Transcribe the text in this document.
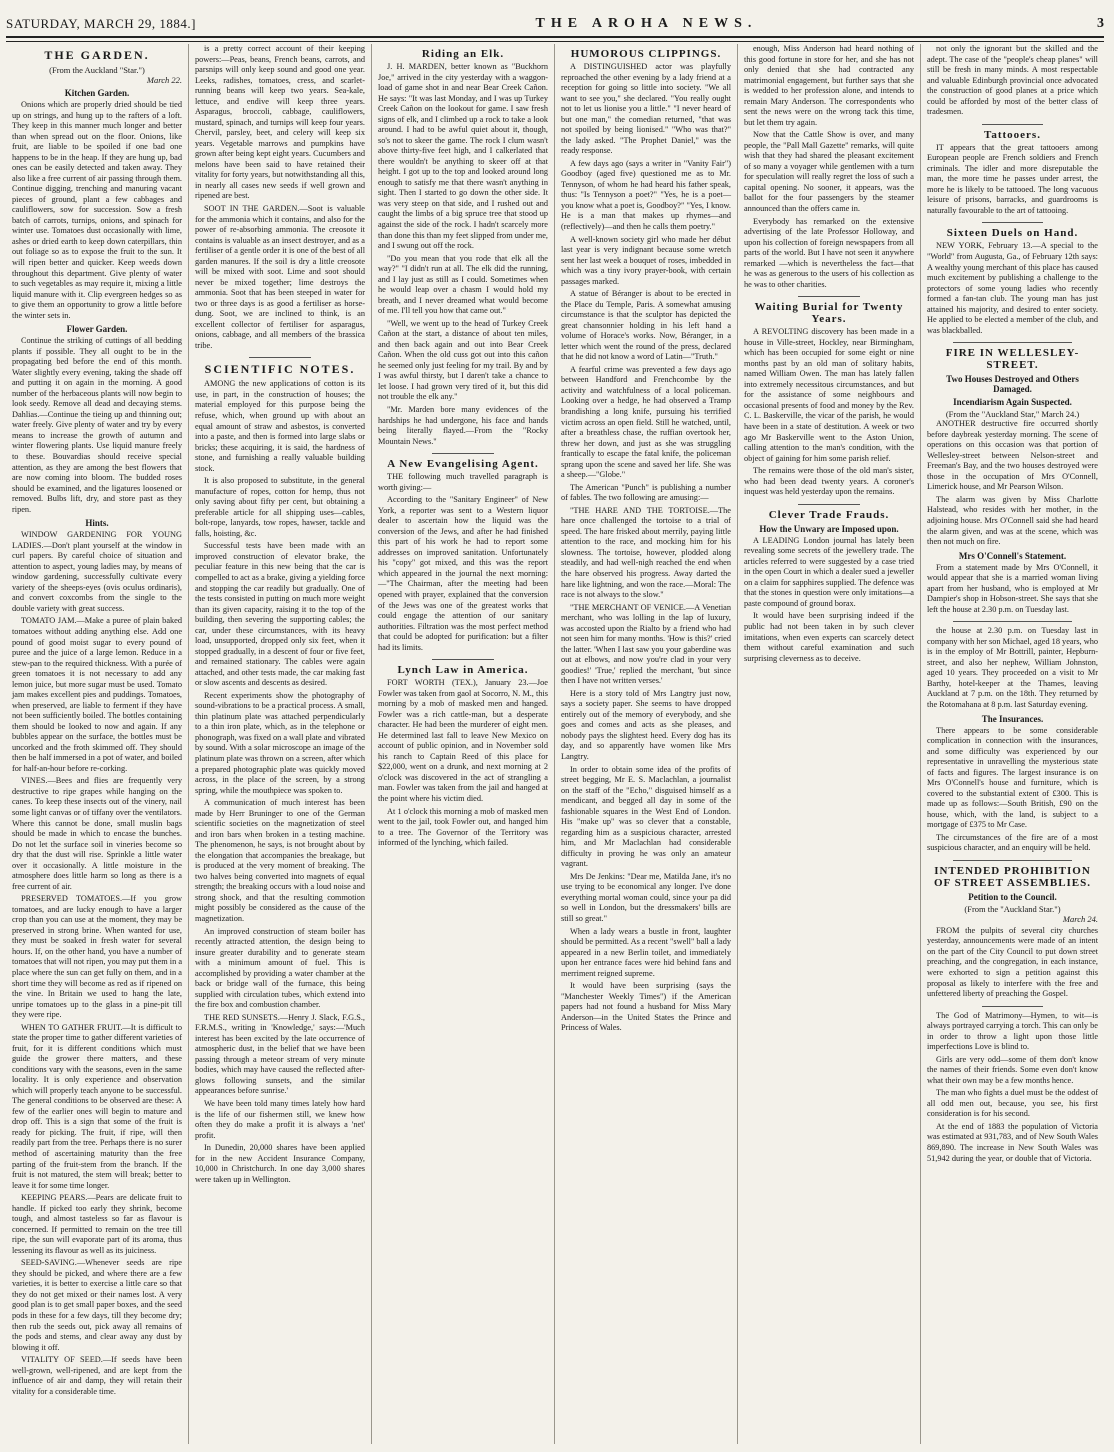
SATURDAY, MARCH 29, 1884.]	THE AROHA NEWS.	3
THE GARDEN.
(From the Auckland "Star.")
March 22.
Kitchen Garden.

Onions which are properly dried should be tied up on strings, and hung up to the rafters of a loft. They keep in this manner much longer and better than when spread out on the floor. Onions, like fruit, are liable to be spoiled if one bad one happens to be in the heap. If they are hung up, bad ones can be easily detected and taken away. They also like a free current of air passing through them. Continue digging, trenching and manuring vacant pieces of ground, plant a few cabbages and cauliflowers, sow for succession. Sow a fresh batch of carrots, turnips, onions, and spinach for winter use. Tomatoes dust occasionally with lime, ashes or dried earth to keep down caterpillars, thin out foliage so as to expose the fruit to the sun. It will ripen better and quicker. Keep weeds down throughout this department. Give plenty of water to such vegetables as may require it, mixing a little liquid manure with it. Clip evergreen hedges so as to give them an opportunity to grow a little before the winter sets in.

Flower Garden.

Continue the striking of cuttings of all bedding plants if possible. They all ought to be in the propagating bed before the end of this month. Water slightly every evening, taking the shade off and putting it on again in the morning. A good number of the herbaceous plants will now begin to look seedy. Remove all dead and decaying stems. Dahlias.—Continue the tieing up and thinning out; water freely. Give plenty of water and try by every means to increase the growth of autumn and winter flowering plants. Use liquid manure freely to these. Bouvardias should receive special attention, as they are among the best flowers that are now coming into bloom. The budded roses should be examined, and the ligatures loosened or removed. Bulbs lift, dry, and store past as they ripen.

Hints.

WINDOW GARDENING FOR YOUNG LADIES.—Don't plant yourself at the window in curl papers. By careful choice of situation and attention to aspect, young ladies may, by means of window gardening, successfully cultivate every variety of the sheeps-eyes (ovis oculus ordinaris), and convert coxcombs from the single to the double variety with great success.

TOMATO JAM.—Make a puree of plain baked tomatoes without adding anything else. Add one pound of good moist sugar to every pound of puree and the juice of a large lemon. Reduce in a stew-pan to the required thickness. With a purée of green tomatoes it is not necessary to add any lemon juice, but more sugar must be used. Tomato jam makes excellent pies and puddings. Tomatoes, when preserved, are liable to ferment if they have not been sufficiently boiled. The bottles containing them should be looked to now and again. If any bubbles appear on the surface, the bottles must be uncorked and the froth skimmed off. They should then be half immersed in a pot of water, and boiled for half-an-hour before re-corking.

VINES.—Bees and flies are frequently very destructive to ripe grapes while hanging on the canes. To keep these insects out of the vinery, nail some light canvas or of tiffany over the ventilators. Where this cannot be done, small muslin bags should be made in which to encase the bunches. Do not let the surface soil in vineries become so dry that the dust will rise. Sprinkle a little water over it occasionally. A little moisture in the atmosphere does little harm so long as there is a free current of air.

PRESERVED TOMATOES.—If you grow tomatoes, and are lucky enough to have a larger crop than you can use at the moment, they may be preserved in strong brine. When wanted for use, they must be soaked in fresh water for several hours. If, on the other hand, you have a number of tomatoes that will not ripen, you may put them in a place where the sun can get fully on them, and in a short time they will become as red as if ripened on the vine. In Britain we used to hang the late, unripe tomatoes up to the glass in a pine-pit till they were ripe.

WHEN TO GATHER FRUIT.—It is difficult to state the proper time to gather different varieties of fruit, for it is different conditions which must guide the grower there matters, and these conditions vary with the seasons, even in the same locality. It is only experience and observation which will properly teach anyone to be successful. The general conditions to be observed are these: A few of the earlier ones will begin to mature and drop off. This is a sign that some of the fruit is ready for picking. The fruit, if ripe, will then readily part from the tree. Perhaps there is no surer method of ascertaining maturity than the free parting of the fruit-stem from the branch. If the fruit is not matured, the stem will break; better to leave it for some time longer.

KEEPING PEARS.—Pears are delicate fruit to handle. If picked too early they shrink, become tough, and almost tasteless so far as flavour is concerned. If permitted to remain on the tree till ripe, the sun will evaporate part of its aroma, thus lessening its flavour as well as its juiciness.

SEED-SAVING.—Whenever seeds are ripe they should be picked, and where there are a few varieties, it is better to exercise a little care so that they do not get mixed or their names lost. A very good plan is to get small paper boxes, and the seed pods in these for a few days, till they become dry; then rub the seeds out, pick away all remains of the pods and stems, and clear away any dust by blowing it off.

VITALITY OF SEED.—If seeds have been well-grown, well-ripened, and are kept from the influence of air and damp, they will retain their vitality for a considerable time.

is a pretty correct account of their keeping powers:—Peas, beans, French beans, carrots, and parsnips will only keep sound and good one year. Leeks, radishes, tomatoes, cress, and scarlet-running beans will keep two years. Sea-kale, lettuce, and endive will keep three years. Asparagus, broccoli, cabbage, cauliflowers, mustard, spinach, and turnips will keep four years. Chervil, parsley, beet, and celery will keep six years. Vegetable marrows and pumpkins have grown after being kept eight years. Cucumbers and melons have been said to have retained their vitality for forty years, but notwithstanding all this, in nearly all cases new seeds if well grown and ripened are best.

SOOT IN THE GARDEN.—Soot is valuable for the ammonia which it contains, and also for the power of re-absorbing ammonia. The creosote it contains is valuable as an insect destroyer, and as a fertiliser of a gentle order it is one of the best of all garden manures. If the soil is dry a little creosote will be mixed with soot. Lime and soot should never be mixed together; lime destroys the ammonia. Soot that has been steeped in water for two or three days is as good a fertiliser as horse-dung. Soot, we are inclined to think, is an excellent collector of fertiliser for asparagus, onions, cabbage, and all members of the brassica tribe.

SCIENTIFIC NOTES.

AMONG the new applications of cotton is its use, in part, in the construction of houses; the material employed for this purpose being the refuse, which, when ground up with about an equal amount of straw and asbestos, is converted into a paste, and then is formed into large slabs or bricks; these acquiring, it is said, the hardness of stone, and furnishing a really valuable building stock.

It is also proposed to substitute, in the general manufacture of ropes, cotton for hemp, thus not only saving about fifty per cent, but obtaining a preferable article for all shipping uses—cables, bolt-rope, lanyards, tow ropes, hawser, tackle and falls, hoisting, &c.

Successful tests have been made with an improved construction of elevator brake, the peculiar feature in this new being that the car is compelled to act as a brake, giving a yielding force and stopping the car readily but gradually. One of the tests consisted in putting on much more weight than its given capacity, raising it to the top of the building, then severing the supporting cables; the car, under these circumstances, with its heavy load, unsupported, dropped only six feet, when it stopped gradually, in a descent of four or five feet, and remained stationary. The cables were again attached, and other tests made, the car making fast or slow ascents and descents as desired.

Recent experiments show the photography of sound-vibrations to be a practical process. A small, thin platinum plate was attached perpendicularly to a thin iron plate, which, as in the telephone or phonograph, was fixed on a wall plate and vibrated by sound. With a solar microscope an image of the platinum plate was thrown on a screen, after which a prepared photographic plate was quickly moved across, in the place of the screen, by a strong spring, while the mouthpiece was spoken to.

A communication of much interest has been made by Herr Bruninger to one of the German scientific societies on the magnetization of steel and iron bars when broken in a testing machine. The phenomenon, he says, is not brought about by the elongation that accompanies the breakage, but is produced at the very moment of breaking. The two halves being converted into magnets of equal strength; the breaking occurs with a loud noise and strong shock, and that the resulting commotion might possibly be considered as the cause of the magnetization.

An improved construction of steam boiler has recently attracted attention, the design being to insure greater durability and to generate steam with a minimum amount of fuel. This is accomplished by providing a water chamber at the back or bridge wall of the furnace, this being supplied with circulation tubes, which extend into the fire box and combustion chamber.

THE RED SUNSETS.—Henry J. Slack, F.G.S., F.R.M.S., writing in 'Knowledge,' says:—'Much interest has been excited by the late occurrence of atmospheric dust, in the belief that we have been passing through a meteor stream of very minute bodies, which may have caused the reflected after-glows following sunsets, and the similar appearances before sunrise.'

We have been told many times lately how hard is the life of our fishermen still, we knew how often they do make a profit it is always a 'net' profit.

In Dunedin, 20,000 shares have been applied for in the new Accident Insurance Company, 10,000 in Christchurch. In one day 3,000 shares were taken up in Wellington.

Riding an Elk.

J. H. MARDEN, better known as "Buckhorn Joe," arrived in the city yesterday with a waggon-load of game shot in and near Bear Creek Cañon. He says: "It was last Monday, and I was up Turkey Creek Cañon on the lookout for game. I saw fresh signs of elk, and I climbed up a rock to take a look around. I had to be awful quiet about it, though, so's not to skeer the game. The rock I clum wasn't above thirty-five feet high, and I calkerlated that there wouldn't be anything to skeer off at that height. I got up to the top and looked around long enough to satisfy me that there wasn't anything in sight. Then I started to go down the other side. It was very steep on that side, and I rushed out and caught the limbs of a big spruce tree that stood up against the side of the rock. I hadn't scarcely more than done this than my feet slipped from under me, and I swung out off the rock.

"Do you mean that you rode that elk all the way?" "I didn't run at all. The elk did the running, and I lay just as still as I could. Sometimes when he would leap over a chasm I would hold my breath, and I never dreamed what would become of me. I'll tell you how that came out."

"Well, we went up to the head of Turkey Creek Cañon at the start, a distance of about ten miles, and then back again and out into Bear Creek Cañon. When the old cuss got out into this cañon he seemed only just feeling for my trail. By and by I was awful thirsty, but I daren't take a chance to let loose. I had grown very tired of it, but this did not trouble the elk any."

"Mr. Marden bore many evidences of the hardships he had undergone, his face and hands being literally flayed.—From the "Rocky Mountain News."

A New Evangelising Agent.

THE following much travelled paragraph is worth giving:—

According to the "Sanitary Engineer" of New York, a reporter was sent to a Western liquor dealer to ascertain how the liquid was the conversion of the Jews, and after he had finished this part of his work he had to report some addresses on improved sanitation. Unfortunately his "copy" got mixed, and this was the report which appeared in the journal the next morning:—"The Chairman, after the meeting had been opened with prayer, explained that the conversion of the Jews was one of the greatest works that could engage the attention of our sanitary authorities. Filtration was the most perfect method that could be adopted for purification: but a filter had its limits.

Lynch Law in America.

FORT WORTH (TEX.), January 23.—Joe Fowler was taken from gaol at Socorro, N. M., this morning by a mob of masked men and hanged. Fowler was a rich cattle-man, but a desperate character. He had been the murderer of eight men. He determined last fall to leave New Mexico on account of public opinion, and in November sold his ranch to Captain Reed of this place for $22,000, went on a drunk, and next morning at 2 o'clock was discovered in the act of strangling a man. Fowler was taken from the jail and hanged at the point where his victim died.

At 1 o'clock this morning a mob of masked men went to the jail, took Fowler out, and hanged him to a tree. The Governor of the Territory was informed of the lynching, which failed.

HUMOROUS CLIPPINGS.

A DISTINGUISHED actor was playfully reproached the other evening by a lady friend at a reception for going so little into society. "We all want to see you," she declared. "You really ought not to let us lionise you a little." "I never heard of but one man," the comedian returned, "that was not spoiled by being lionised." "Who was that?" the lady asked. "The Prophet Daniel," was the ready response.

A few days ago (says a writer in "Vanity Fair") Goodboy (aged five) questioned me as to Mr. Tennyson, of whom he had heard his father speak, thus: "Is Tennyson a poet?" "Yes, he is a poet—you know what a poet is, Goodboy?" "Yes, I know. He is a man that makes up rhymes—and (reflectively)—and then he calls them poetry."

A well-known society girl who made her début last year is very indignant because some wretch sent her last week a bouquet of roses, imbedded in which was a tiny ivory prayer-book, with certain passages marked.

A statue of Béranger is about to be erected in the Place du Temple, Paris. A somewhat amusing circumstance is that the sculptor has depicted the great chansonnier holding in his left hand a volume of Horace's works. Now, Béranger, in a letter which went the round of the press, declared that he did not know a word of Latin—"Truth."

A fearful crime was prevented a few days ago between Handford and Frenchcombe by the activity and watchfulness of a local policeman. Looking over a hedge, he had observed a Tramp brandishing a long knife, pursuing his terrified victim across an open field. Still he watched, until, after a breathless chase, the ruffian overtook her, threw her down, and just as she was struggling frantically to escape the fatal knife, the policeman sprang upon the scene and saved her life. She was a sheep.—"Globe."

The American "Punch" is publishing a number of fables. The two following are amusing:—

"THE HARE AND THE TORTOISE.—The hare once challenged the tortoise to a trial of speed. The hare frisked about merrily, paying little attention to the race, and mocking him for his slowness. The tortoise, however, plodded along steadily, and had well-nigh reached the end when the hare observed his progress. Away darted the hare like lightning, and won the race.—Moral: The race is not always to the slow."

"THE MERCHANT OF VENICE.—A Venetian merchant, who was lolling in the lap of luxury, was accosted upon the Rialto by a friend who had not seen him for many months. 'How is this?' cried the latter. 'When I last saw you your gaberdine was out at elbows, and now you're clad in your very goodies!' 'True,' replied the merchant, 'but since then I have not written verses.'

Here is a story told of Mrs Langtry just now, says a society paper. She seems to have dropped entirely out of the memory of everybody, and she goes and comes and acts as she pleases, and nobody pays the slightest heed. Every dog has its day, and so apparently have women like Mrs Langtry.

In order to obtain some idea of the profits of street begging, Mr E. S. Maclachlan, a journalist on the staff of the "Echo," disguised himself as a mendicant, and begged all day in some of the fashionable squares in the West End of London. His "make up" was so clever that a constable, regarding him as a suspicious character, arrested him, and Mr Maclachlan had considerable difficulty in proving he was only an amateur vagrant.

Mrs De Jenkins: "Dear me, Matilda Jane, it's no use trying to be economical any longer. I've done everything mortal woman could, since your pa did so well in London, but the dressmakers' bills are still so great."

When a lady wears a bustle in front, laughter should be permitted. As a recent "swell" ball a lady appeared in a new Berlin toilet, and immediately upon her entrance faces were hid behind fans and merriment reigned supreme.

It would have been surprising (says the "Manchester Weekly Times") if the American papers had not found a husband for Miss Mary Anderson—in the United States the Prince and Princess of Wales.

enough, Miss Anderson had heard nothing of this good fortune in store for her, and she has not only denied that she had contracted any matrimonial engagement, but further says that she is wedded to her profession alone, and intends to remain Mary Anderson. The correspondents who sent the news were on the wrong tack this time, but let them try again.

Now that the Cattle Show is over, and many people, the "Pall Mall Gazette" remarks, will quite wish that they had shared the pleasant excitement of so many a voyager while gentlemen with a turn for speculation will really regret the loss of such a capital opening. No sooner, it appears, was the ballot for the four passengers by the steamer announced than the offers came in.

Everybody has remarked on the extensive advertising of the late Professor Holloway, and upon his collection of foreign newspapers from all parts of the world. But I have not seen it anywhere remarked —which is nevertheless the fact—that he was as generous to the users of his collection as he was to other charities.

Waiting Burial for Twenty Years.

A REVOLTING discovery has been made in a house in Ville-street, Hockley, near Birmingham, which has been occupied for some eight or nine months past by an old man of solitary habits, named William Owen. The man has lately fallen into extremely necessitous circumstances, and but for the assistance of some neighbours and occasional presents of food and money by the Rev. C. L. Baskerville, the vicar of the parish, he would have been in a state of destitution. A week or two ago Mr Baskerville went to the Aston Union, calling attention to the man's condition, with the object of gaining for him some parish relief.

The remains were those of the old man's sister, who had been dead twenty years. A coroner's inquest was held yesterday upon the remains.

Clever Trade Frauds.
How the Unwary are Imposed upon.

A LEADING London journal has lately been revealing some secrets of the jewellery trade. The articles referred to were suggested by a case tried in the open Court in which a dealer sued a jeweller on a claim for sapphires supplied. The defence was that the stones in question were only imitations—a paste compound of ground borax.

It would have been surprising indeed if the public had not been taken in by such clever imitations, when even experts can scarcely detect them without careful examination and such surprising cleverness as to deceive.

not only the ignorant but the skilled and the adept. The case of the "people's cheap planes" will still be fresh in many minds. A most respectable and valuable Edinburgh provincial once advocated the construction of good planes at a price which could be afforded by most of the better class of tradesmen.

Tattooers.

IT appears that the great tattooers among European people are French soldiers and French criminals. The idler and more disreputable the man, the more time he passes under arrest, the more he is likely to be tattooed. The long vacuous leisure of prisons, barracks, and guardrooms is naturally favourable to the art of tattooing.

Sixteen Duels on Hand.

NEW YORK, February 13.—A special to the "World" from Augusta, Ga., of February 12th says: A wealthy young merchant of this place has caused much excitement by publishing a challenge to the protectors of some young ladies who recently formed a fan-tan club. The young man has just attained his majority, and desired to enter society. He applied to be elected a member of the club, and was blackballed.

FIRE IN WELLESLEY-STREET.
Two Houses Destroyed and Others Damaged.
Incendiarism Again Suspected.
(From the "Auckland Star," March 24.)

ANOTHER destructive fire occurred shortly before daybreak yesterday morning. The scene of operations on this occasion was that portion of Wellesley-street between Nelson-street and Freeman's Bay, and the two houses destroyed were those in the occupation of Mrs O'Connell, Limerick house, and Mr Pearson Wilson.

The alarm was given by Miss Charlotte Halstead, who resides with her mother, in the adjoining house. Mrs O'Connell said she had heard the alarm given, and was at the scene, which was then not much on fire.

Mrs O'Connell's Statement.

From a statement made by Mrs O'Connell, it would appear that she is a married woman living apart from her husband, who is employed at Mr Dampier's shop in Hobson-street. She says that she left the house at 2.30 p.m. on Tuesday last.

the house at 2.30 p.m. on Tuesday last in company with her son Michael, aged 18 years, who is in the employ of Mr Bottrill, painter, Hepburn-street, and also her nephew, William Johnston, aged 10 years. They proceeded on a visit to Mr Barthy, hotel-keeper at the Thames, leaving Auckland at 7 p.m. on the 18th. They returned by the Rotomahana at 8 p.m. last Saturday evening.

The Insurances.

There appears to be some considerable complication in connection with the insurances, and some difficulty was experienced by our representative in unravelling the mysterious state of facts and figures. The largest insurance is on Mrs O'Connell's house and furniture, which is covered to the substantial extent of £300. This is made up as follows:—South British, £90 on the house, which, with the land, is subject to a mortgage of £375 to Mr Case.

The circumstances of the fire are of a most suspicious character, and an enquiry will be held.

INTENDED PROHIBITION OF STREET ASSEMBLIES.
Petition to the Council.
(From the "Auckland Star.")
March 24.

FROM the pulpits of several city churches yesterday, announcements were made of an intent on the part of the City Council to put down street preaching, and the congregation, in each instance, were exhorted to sign a petition against this proposal as likely to interfere with the free and unfettered liberty of preaching the Gospel.

The God of Matrimony—Hymen, to wit—is always portrayed carrying a torch. This can only be in order to throw a light upon those little imperfections Love is blind to.

Girls are very odd—some of them don't know the names of their friends. Some even don't know what their own may be a few months hence.

The man who fights a duel must be the oddest of all odd men out, because, you see, his first consideration is for his second.

At the end of 1883 the population of Victoria was estimated at 931,783, and of New South Wales 869,890. The increase in New South Wales was 51,942 during the year, or double that of Victoria.
